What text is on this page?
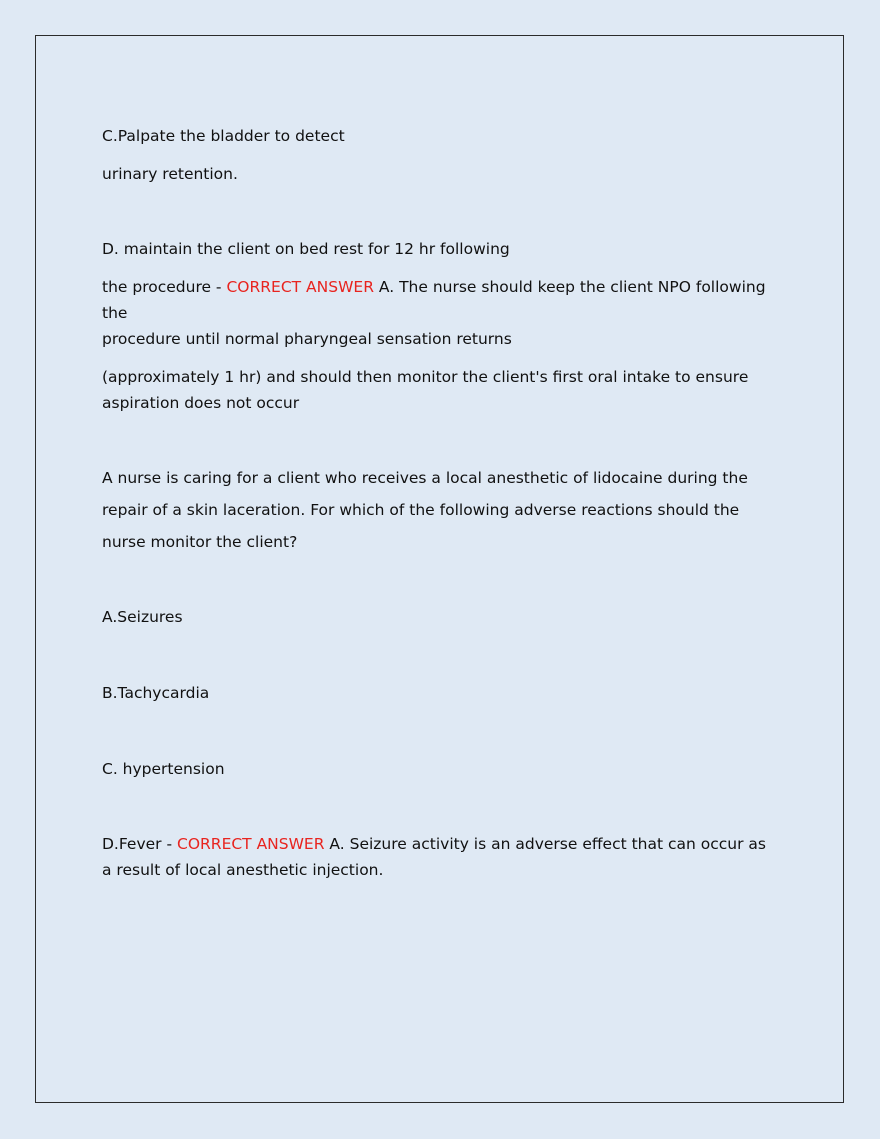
C.Palpate the bladder to detect
urinary retention.
D. maintain the client on bed rest for 12 hr following
the procedure - CORRECT ANSWER A. The nurse should keep the client NPO following the
procedure until normal pharyngeal sensation returns
(approximately 1 hr) and should then monitor the client's first oral intake to ensure aspiration does not occur
A nurse is caring for a client who receives a local anesthetic of lidocaine during the
repair of a skin laceration. For which of the following adverse reactions should the
nurse monitor the client?
A.Seizures
B.Tachycardia
C. hypertension
D.Fever - CORRECT ANSWER A. Seizure activity is an adverse effect that can occur as a result of local anesthetic injection.
